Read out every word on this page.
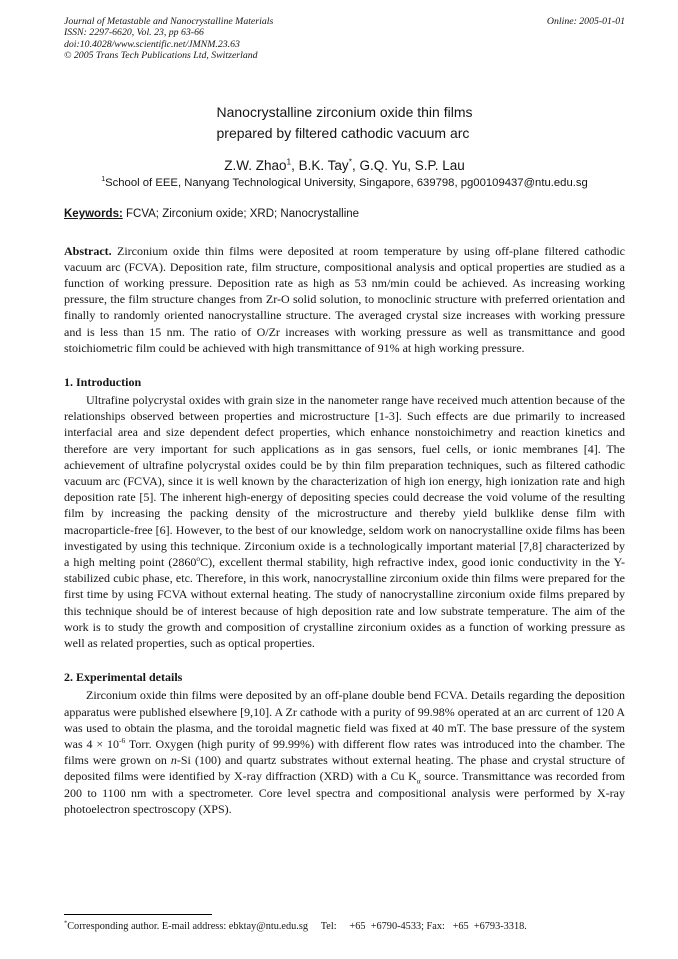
Journal of Metastable and Nanocrystalline Materials
ISSN: 2297-6620, Vol. 23, pp 63-66
doi:10.4028/www.scientific.net/JMNM.23.63
© 2005 Trans Tech Publications Ltd, Switzerland
Online: 2005-01-01
Nanocrystalline zirconium oxide thin films
prepared by filtered cathodic vacuum arc
Z.W. Zhao$^1$, B.K. Tay*, G.Q. Yu, S.P. Lau
$^1$School of EEE, Nanyang Technological University, Singapore, 639798, pg00109437@ntu.edu.sg
Keywords: FCVA; Zirconium oxide; XRD; Nanocrystalline

Abstract. Zirconium oxide thin films were deposited at room temperature by using off-plane filtered cathodic vacuum arc (FCVA). Deposition rate, film structure, compositional analysis and optical properties are studied as a function of working pressure. Deposition rate as high as 53 nm/min could be achieved. As increasing working pressure, the film structure changes from Zr-O solid solution, to monoclinic structure with preferred orientation and finally to randomly oriented nanocrystalline structure. The averaged crystal size increases with working pressure and is less than 15 nm. The ratio of O/Zr increases with working pressure as well as transmittance and good stoichiometric film could be achieved with high transmittance of 91% at high working pressure.

1. Introduction

Ultrafine polycrystal oxides with grain size in the nanometer range have received much attention because of the relationships observed between properties and microstructure [1-3]. Such effects are due primarily to increased interfacial area and size dependent defect properties, which enhance nonstoichimetry and reaction kinetics and therefore are very important for such applications as in gas sensors, fuel cells, or ionic membranes [4]. The achievement of ultrafine polycrystal oxides could be by thin film preparation techniques, such as filtered cathodic vacuum arc (FCVA), since it is well known by the characterization of high ion energy, high ionization rate and high deposition rate [5]. The inherent high-energy of depositing species could decrease the void volume of the resulting film by increasing the packing density of the microstructure and thereby yield bulklike dense film with macroparticle-free [6]. However, to the best of our knowledge, seldom work on nanocrystalline oxide films has been investigated by using this technique. Zirconium oxide is a technologically important material [7,8] characterized by a high melting point (2860$^o$C), excellent thermal stability, high refractive index, good ionic conductivity in the Y-stabilized cubic phase, etc. Therefore, in this work, nanocrystalline zirconium oxide thin films were prepared for the first time by using FCVA without external heating. The study of nanocrystalline zirconium oxide films prepared by this technique should be of interest because of high deposition rate and low substrate temperature. The aim of the work is to study the growth and composition of crystalline zirconium oxides as a function of working pressure as well as related properties, such as optical properties.

2. Experimental details

Zirconium oxide thin films were deposited by an off-plane double bend FCVA. Details regarding the deposition apparatus were published elsewhere [9,10]. A Zr cathode with a purity of 99.98% operated at an arc current of 120 A was used to obtain the plasma, and the toroidal magnetic field was fixed at 40 mT. The base pressure of the system was $4 \times 10^{-6}$ Torr. Oxygen (high purity of 99.99%) with different flow rates was introduced into the chamber. The films were grown on n-Si (100) and quartz substrates without external heating. The phase and crystal structure of deposited films were identified by X-ray diffraction (XRD) with a Cu $K_\alpha$ source. Transmittance was recorded from 200 to 1100 nm with a spectrometer. Core level spectra and compositional analysis were performed by X-ray photoelectron spectroscopy (XPS).

*Corresponding author. E-mail address: ebktay@ntu.edu.sg     Tel:     +65  +6790-4533; Fax:   +65  +6793-3318.
